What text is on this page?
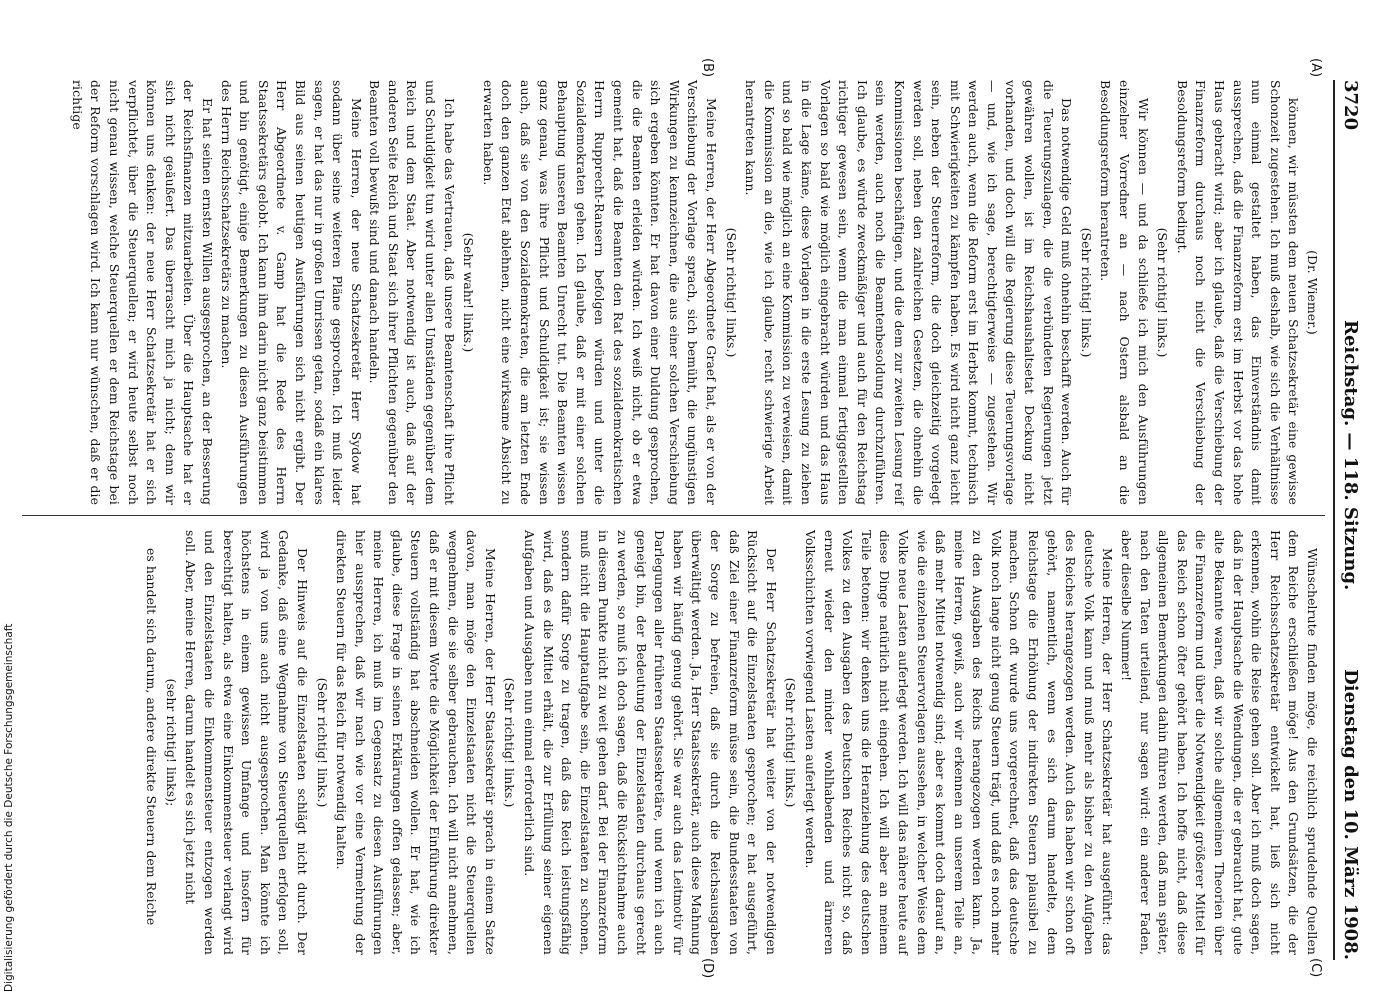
3720
Reichstag. — 118. Sitzung.
Dienstag den 10. März 1908.
(A)
(B)
(C)
(D)

(Dr. Wiemer.)

können, wir müssten dem neuen Schatzsekretär eine gewisse Schonzeit zugestehen. Ich muß deshalb, wie sich die Verhältnisse nun einmal gestaltet haben, das Einverständnis damit aussprechen, daß die Finanzreform erst im Herbst vor das hohe Haus gebracht wird; aber ich glaube, daß die Verschiebung der Finanzreform durchaus noch nicht die Verschiebung der Besoldungsreform bedingt.

(Sehr richtig! links.)

Wir können — und da schließe ich mich den Ausführungen einzelner Vorredner an — nach Ostern alsbald an die Besoldungsreform herantreten.

(Sehr richtig! links.)

Das notwendige Geld muß ohnehin beschafft werden. Auch für die Teuerungszulagen, die die verbündeten Regierungen jetzt gewähren wollen, ist im Reichshaushaltsetat Deckung nicht vorhanden, und doch will die Regierung diese Teuerungsvorlage — und, wie ich sage, berechtigterweise — zugestehen. Wir werden auch, wenn die Reform erst im Herbst kommt, technisch mit Schwierigkeiten zu kämpfen haben. Es wird nicht ganz leicht sein, neben der Steuerreform, die doch gleichzeitig vorgelegt werden soll, neben den zahlreichen Gesetzen, die ohnehin die Kommissionen beschäftigen, und die dem zur zweiten Lesung reif sein werden, auch noch die Beamtenbesoldung durchzuführen. Ich glaube, es würde zweckmäßiger und auch für den Reichstag richtiger gewesen sein, wenn die man einmal fertiggestellten Vorlagen so bald wie möglich eingebracht würden und das Haus in die Lage käme, diese Vorlagen in die erste Lesung zu ziehen und so bald wie möglich an eine Kommission zu verweisen, damit die Kommission an die, wie ich glaube, recht schwierige Arbeit herantreten kann.

(Sehr richtig! links.)

Meine Herren, der Herr Abgeordnete Graef hat, als er von der Verschiebung der Vorlage sprach, sich bemüht, die ungünstigen Wirkungen zu kennzeichnen, die aus einer solchen Verschiebung sich ergeben könnten. Er hat davon einer Duldung gesprochen, die die Beamten erleiden würden. Ich weiß nicht, ob er etwa gemeint hat, daß die Beamten den Rat des sozialdemokratischen Herrn Rupprecht-Ransern befolgen würden und unter die Sozialdemokraten gehen. Ich glaube, daß er mit einer solchen Behauptung unseren Beamten Unrecht tut. Die Beamten wissen ganz genau, was ihre Pflicht und Schuldigkeit ist; sie wissen auch, daß sie von den Sozialdemokraten, die am letzten Ende doch den ganzen Etat ablehnen, nicht eine wirksame Absicht zu erwarten haben.

(Sehr wahr! links.)

Ich habe das Vertrauen, daß unsere Beamtenschaft ihre Pflicht und Schuldigkeit tun wird unter allen Umständen gegenüber dem Reich und dem Staat. Aber notwendig ist auch, daß auf der anderen Seite Reich und Staat sich ihrer Pflichten gegenüber den Beamten voll bewußt sind und danach handeln.

Meine Herren, der neue Schatzsekretär Herr Sydow hat sodann über seine weiteren Pläne gesprochen. Ich muß leider sagen, er hat das nur in großen Umrissen getan, sodaß ein klares Bild aus seinen heutigen Ausführungen sich nicht ergibt. Der Herr Abgeordnete v. Gamp hat die Rede des Herrn Staatssekretärs gelobt. Ich kann ihm darin nicht ganz beistimmen und bin genötigt, einige Bemerkungen zu diesen Ausführungen des Herrn Reichsschatzsekretärs zu machen.

Er hat seinen ernsten Willen ausgesprochen, an der Besserung der Reichsfinanzen mitzuarbeiten. Über die Hauptsache hat er sich nicht geäußert. Das überrascht mich ja nicht; denn wir können uns denken: der neue Herr Schatzsekretär hat er sich verpflichtet, über die Steuerquellen; er wird heute selbst noch nicht genau wissen, welche Steuerquellen er dem Reichstage bei der Reform vorschlagen wird. Ich kann nur wünschen, daß er die richtige

Wünschelrute finden möge, die reichlich sprudelnde Quellen dem Reiche erschließen möge! Aus den Grundsätzen, die der Herr Reichsschatzsekretär entwickelt hat, ließ sich nicht erkennen, wohin die Reise gehen soll. Aber ich muß doch sagen, daß in der Hauptsache die Wendungen, die er gebraucht hat, gute alte Bekannte waren, daß wir solche allgemeinen Theorien über die Finanzreform und über die Notwendigkeit größerer Mittel für das Reich schon öfter gehört haben. Ich hoffe nicht, daß diese allgemeinen Bemerkungen dahin führen werden, daß man später, nach den Taten urteilend, nur sagen wird: ein anderer Faden, aber dieselbe Nummer!

Meine Herren, der Herr Schatzsekretär hat ausgeführt: das deutsche Volk kann und muß mehr als bisher zu den Aufgaben des Reiches herangezogen werden. Auch das haben wir schon oft gehört, namentlich, wenn es sich darum handelte, dem Reichstage die Erhöhung der indirekten Steuern plausibel zu machen. Schon oft wurde uns vorgerechnet, daß das deutsche Volk noch lange nicht genug Steuern trägt, und daß es noch mehr zu den Ausgaben des Reichs herangezogen werden kann. Ja, meine Herren, gewiß, auch wir erkennen an unserem Teile an, daß mehr Mittel notwendig sind; aber es kommt doch darauf an, wie die einzelnen Steuervorlagen aussehen, in welcher Weise dem Volke neue Lasten auferlegt werden. Ich will das nähere heute auf diese Dinge natürlich nicht eingehen. Ich will aber an meinem Teile betonen: wir denken uns die Heranziehung des deutschen Volkes zu den Ausgaben des Deutschen Reiches nicht so, daß erneut wieder den minder wohlhabenden und ärmeren Volksschichten vorwiegend Lasten auferlegt werden.

(Sehr richtig! links.)

Der Herr Schatzsekretär hat weiter von der notwendigen Rücksicht auf die Einzelstaaten gesprochen; er hat ausgeführt, daß Ziel einer Finanzreform müsse sein, die Bundesstaaten von der Sorge zu befreien, daß sie durch die Reichsausgaben überwältigt werden. Ja, Herr Staatssekretär, auch diese Mahnung haben wir häufig genug gehört. Sie war auch das Leitmotiv für Darlegungen aller früheren Staatssekretäre, und wenn ich auch geneigt bin, der Bedeutung der Einzelstaaten durchaus gerecht zu werden, so muß ich doch sagen, daß die Rücksichtnahme auch in diesem Punkte nicht zu weit gehen darf. Bei der Finanzreform muß nicht die Hauptaufgabe sein, die Einzelstaaten zu schonen, sondern dafür Sorge zu tragen, daß das Reich leistungsfähig wird, daß es die Mittel erhält, die zur Erfüllung seiner eigenen Aufgaben und Ausgaben nun einmal erforderlich sind.

(Sehr richtig! links.)

Meine Herren, der Herr Staatssekretär sprach in einem Satze davon, man möge den Einzelstaaten nicht die Steuerquellen wegnehmen, die sie selber gebrauchen. Ich will nicht annehmen, daß er mit diesem Worte die Möglichkeit der Einführung direkter Steuern vollständig hat abschneiden wollen. Er hat, wie ich glaube, diese Frage in seinen Erklärungen offen gelassen; aber, meine Herren, ich muß im Gegensatz zu diesen Ausführungen hier aussprechen, daß wir nach wie vor eine Vermehrung der direkten Steuern für das Reich für notwendig halten.

(Sehr richtig! links.)

Der Hinweis auf die Einzelstaaten schlägt nicht durch. Der Gedanke, daß eine Wegnahme von Steuerquellen erfolgen soll, wird ja von uns auch nicht ausgesprochen. Man könnte ich höchstens in einem gewissen Umfange und insofern für berechtigt halten, als etwa eine Einkommensteuer verlangt wird und den Einzelstaaten die Einkommensteuer entzogen werden soll. Aber, meine Herren, darum handelt es sich jetzt nicht

(sehr richtig! links);

es handelt sich darum, andere direkte Steuern dem Reiche

Digitalisierung gefördert durch die Deutsche Forschungsgemeinschaft
